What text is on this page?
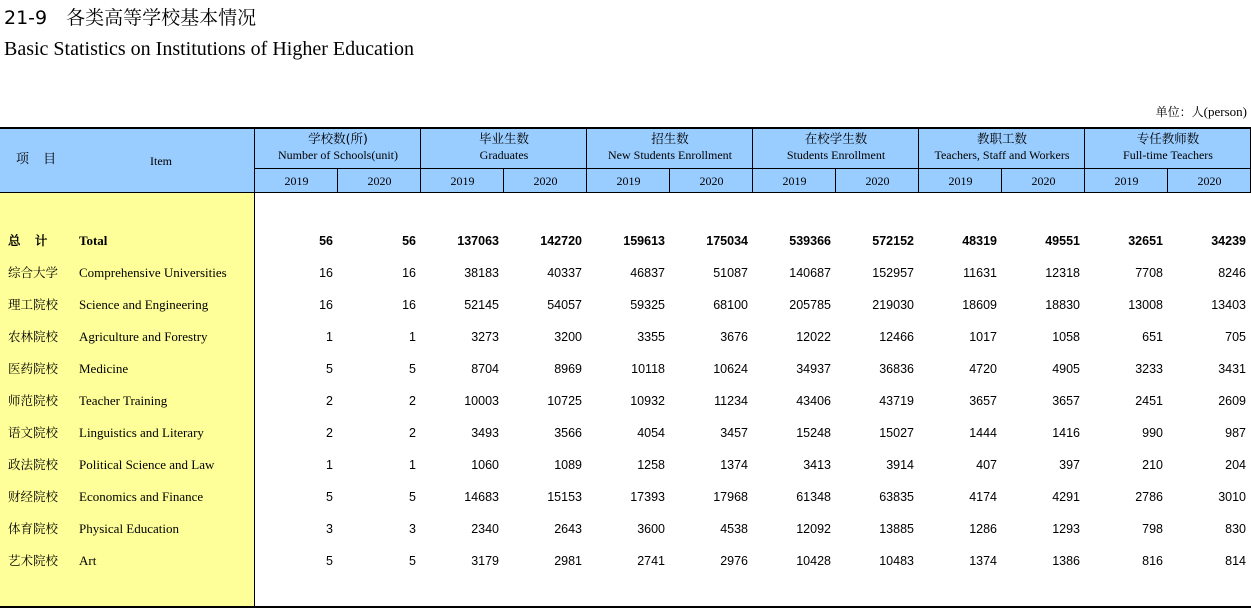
21-9　各类高等学校基本情况
Basic Statistics on Institutions of Higher Education
单位：人(person)
项 目	Item
学校数(所)
Number of Schools(unit)
毕业生数
Graduates
招生数
New Students Enrollment
在校学生数
Students Enrollment
教职工数
Teachers, Staff and Workers
专任教师数
Full-time Teachers
2019	2020	2019	2020	2019	2020	2019	2020	2019	2020	2019	2020
总 计 Total	56	56	137063	142720	159613	175034	539366	572152	48319	49551	32651	34239
综合大学 Comprehensive Universities	16	16	38183	40337	46837	51087	140687	152957	11631	12318	7708	8246
理工院校 Science and Engineering	16	16	52145	54057	59325	68100	205785	219030	18609	18830	13008	13403
农林院校 Agriculture and Forestry	1	1	3273	3200	3355	3676	12022	12466	1017	1058	651	705
医药院校 Medicine	5	5	8704	8969	10118	10624	34937	36836	4720	4905	3233	3431
师范院校 Teacher Training	2	2	10003	10725	10932	11234	43406	43719	3657	3657	2451	2609
语文院校 Linguistics and Literary	2	2	3493	3566	4054	3457	15248	15027	1444	1416	990	987
政法院校 Political Science and Law	1	1	1060	1089	1258	1374	3413	3914	407	397	210	204
财经院校 Economics and Finance	5	5	14683	15153	17393	17968	61348	63835	4174	4291	2786	3010
体育院校 Physical Education	3	3	2340	2643	3600	4538	12092	13885	1286	1293	798	830
艺术院校 Art	5	5	3179	2981	2741	2976	10428	10483	1374	1386	816	814
